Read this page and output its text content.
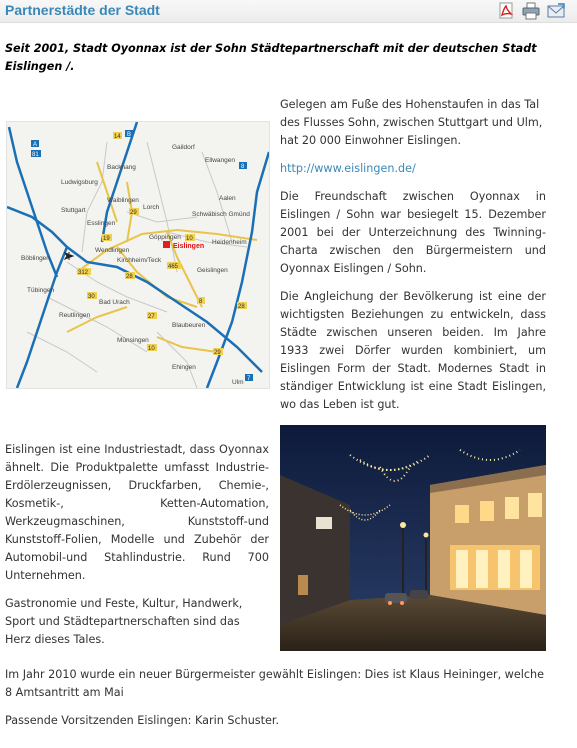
Partnerstädte der Stadt
Seit 2001, Stadt Oyonnax ist der Sohn Städtepartnerschaft mit der deutschen Stadt Eislingen /.
Backnang
Gaildorf
Ellwangen
Ludwigsburg
Waiblingen	Aalen
Eislingen
Stuttgart	Lorch
Schwäbisch Gmünd
Esslingen
Göppingen
Heidenheim
Böblingen
Wendlingen
Kirchheim/Teck
Geislingen
Tübingen
Bad Urach
Reutlingen
Blaubeuren
Münsingen
Ehingen
Ulm
A
B
81
14
29
19	10
28
27
8
312
30
465
8
29
28
10
7

Gelegen am Fuße des Hohenstaufen in das Tal des Flusses Sohn, zwischen Stuttgart und Ulm, hat 20 000 Einwohner Eislingen.

http://www.eislingen.de/

Die Freundschaft zwischen Oyonnax in Eislingen / Sohn war besiegelt 15. Dezember 2001 bei der Unterzeichnung des Twinning-Charta zwischen den Bürgermeistern und Oyonnax Eislingen / Sohn.

Die Angleichung der Bevölkerung ist eine der wichtigsten Beziehungen zu entwickeln, dass Städte zwischen unseren beiden. Im Jahre 1933 zwei Dörfer wurden kombiniert, um Eislingen Form der Stadt. Modernes Stadt in ständiger Entwicklung ist eine Stadt Eislingen, wo das Leben ist gut.

Eislingen ist eine Industriestadt, dass Oyonnax ähnelt. Die Produktpalette umfasst Industrie-Erdölerzeugnissen, Druckfarben, Chemie-, Kosmetik-, Ketten-Automation, Werkzeugmaschinen, Kunststoff-und Kunststoff-Folien, Modelle und Zubehör der Automobil-und Stahlindustrie. Rund 700 Unternehmen.

Gastronomie und Feste, Kultur, Handwerk, Sport und Städtepartnerschaften sind das Herz dieses Tales.

Im Jahr 2010 wurde ein neuer Bürgermeister gewählt Eislingen: Dies ist Klaus Heininger, welche 8 Amtsantritt am Mai
Passende Vorsitzenden Eislingen: Karin Schuster.
